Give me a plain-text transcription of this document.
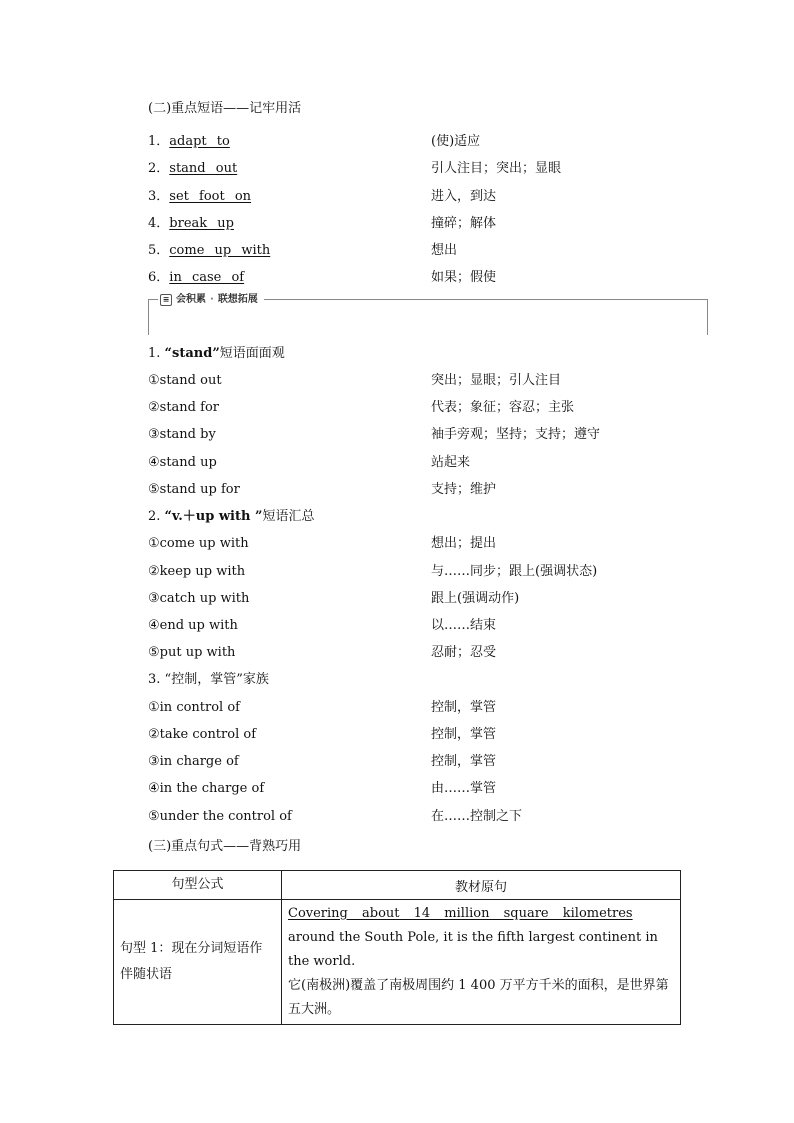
(二)重点短语——记牢用活
1．adapt to	(使)适应
2．stand out	引人注目；突出；显眼
3．set foot on	进入，到达
4．break up	撞碎；解体
5．come up with	想出
6．in case of	如果；假使
≡ 会积累 · 联想拓展
1. “stand”短语面面观
①stand out	突出；显眼；引人注目
②stand for	代表；象征；容忍；主张
③stand by	袖手旁观；坚持；支持；遵守
④stand up	站起来
⑤stand up for	支持；维护
2. “v.＋up with ”短语汇总
①come up with	想出；提出
②keep up with	与……同步；跟上(强调状态)
③catch up with	跟上(强调动作)
④end up with	以……结束
⑤put up with	忍耐；忍受
3. “控制，掌管”家族
①in control of	控制，掌管
②take control of	控制，掌管
③in charge of	控制，掌管
④in the charge of	由……掌管
⑤under the control of	在……控制之下
(三)重点句式——背熟巧用
句型公式	教材原句
句型 1：现在分词短语作伴随状语	Covering about 14 million square kilometres around the South Pole, it is the fifth largest continent in the world.
它(南极洲)覆盖了南极周围约 1 400 万平方千米的面积，是世界第五大洲。
